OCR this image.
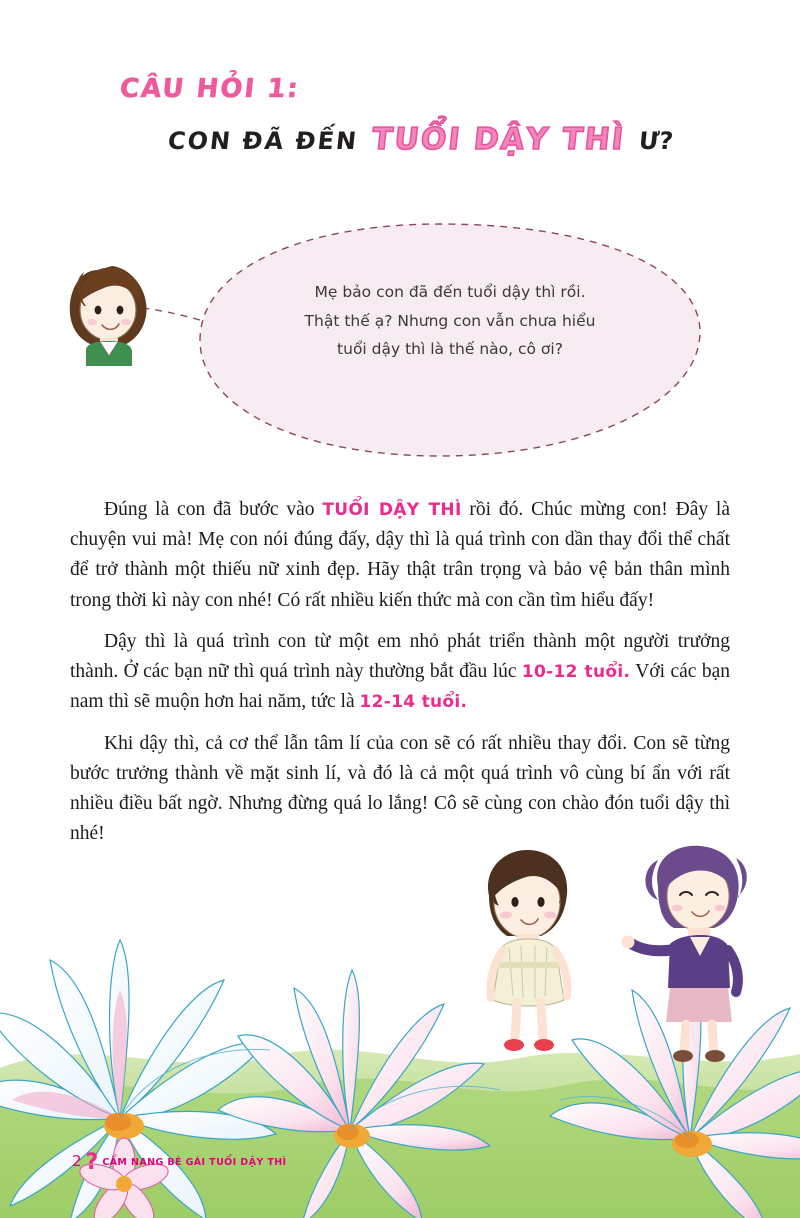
CÂU HỎI 1:
CON ĐÃ ĐẾN TUỔI DẬY THÌ Ư?
Mẹ bảo con đã đến tuổi dậy thì rồi.
Thật thế ạ? Nhưng con vẫn chưa hiểu
tuổi dậy thì là thế nào, cô ơi?

Đúng là con đã bước vào TUỔI DẬY THÌ rồi đó. Chúc mừng con! Đây là chuyện vui mà! Mẹ con nói đúng đấy, dậy thì là quá trình con dần thay đổi thể chất để trở thành một thiếu nữ xinh đẹp. Hãy thật trân trọng và bảo vệ bản thân mình trong thời kì này con nhé! Có rất nhiều kiến thức mà con cần tìm hiểu đấy!

Dậy thì là quá trình con từ một em nhỏ phát triển thành một người trưởng thành. Ở các bạn nữ thì quá trình này thường bắt đầu lúc 10-12 tuổi. Với các bạn nam thì sẽ muộn hơn hai năm, tức là 12-14 tuổi.

Khi dậy thì, cả cơ thể lẫn tâm lí của con sẽ có rất nhiều thay đổi. Con sẽ từng bước trưởng thành về mặt sinh lí, và đó là cả một quá trình vô cùng bí ẩn với rất nhiều điều bất ngờ. Nhưng đừng quá lo lắng! Cô sẽ cùng con chào đón tuổi dậy thì nhé!

2 ? CẨM NANG BÉ GÁI TUỔI DẬY THÌ
